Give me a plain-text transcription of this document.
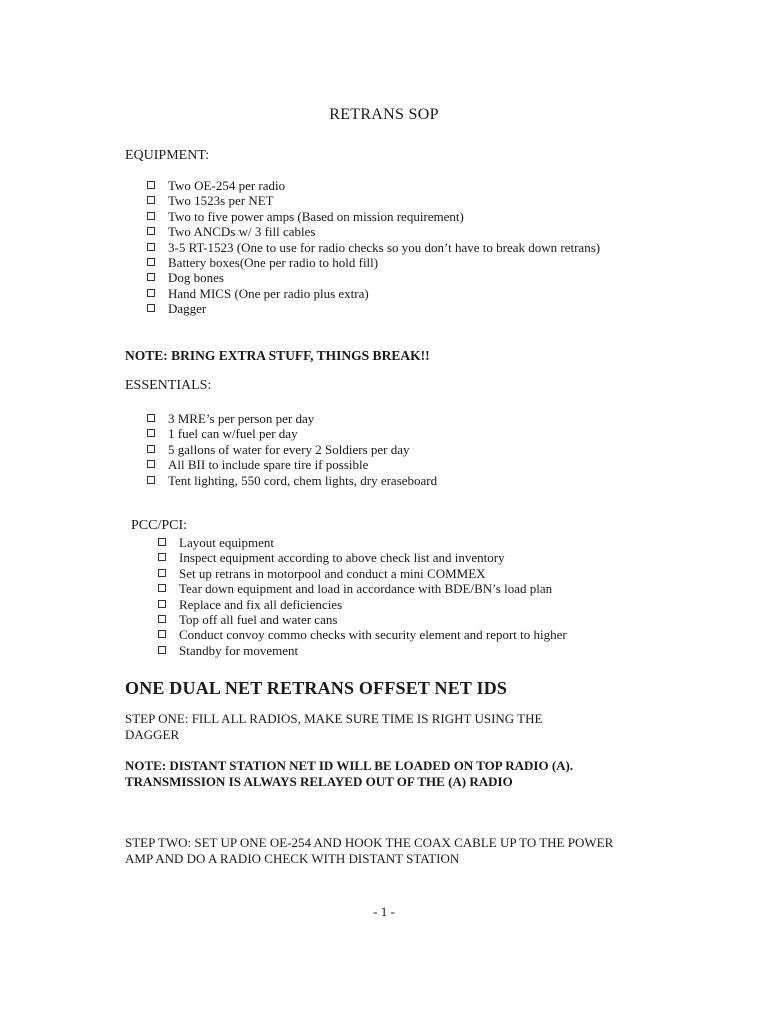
RETRANS SOP
EQUIPMENT:
Two OE-254 per radio
Two 1523s per NET
Two to five power amps (Based on mission requirement)
Two ANCDs w/ 3 fill cables
3-5 RT-1523 (One to use for radio checks so you don’t have to break down retrans)
Battery boxes(One per radio to hold fill)
Dog bones
Hand MICS (One per radio plus extra)
Dagger
NOTE: BRING EXTRA STUFF, THINGS BREAK!!
ESSENTIALS:
3 MRE’s per person per day
1 fuel can w/fuel per day
5 gallons of water for every 2 Soldiers per day
All BII to include spare tire if possible
Tent lighting, 550 cord, chem lights, dry eraseboard
PCC/PCI:
Layout equipment
Inspect equipment according to above check list and inventory
Set up retrans in motorpool and conduct a mini COMMEX
Tear down equipment and load in accordance with BDE/BN’s load plan
Replace and fix all deficiencies
Top off all fuel and water cans
Conduct convoy commo checks with security element and report to higher
Standby for movement
ONE DUAL NET RETRANS OFFSET NET IDS
STEP ONE: FILL ALL RADIOS, MAKE SURE TIME IS RIGHT USING THE DAGGER
NOTE: DISTANT STATION NET ID WILL BE LOADED ON TOP RADIO (A). TRANSMISSION IS ALWAYS RELAYED OUT OF THE (A) RADIO
STEP TWO: SET UP ONE OE-254 AND HOOK THE COAX CABLE UP TO THE POWER AMP AND DO A RADIO CHECK WITH DISTANT STATION
- 1 -
